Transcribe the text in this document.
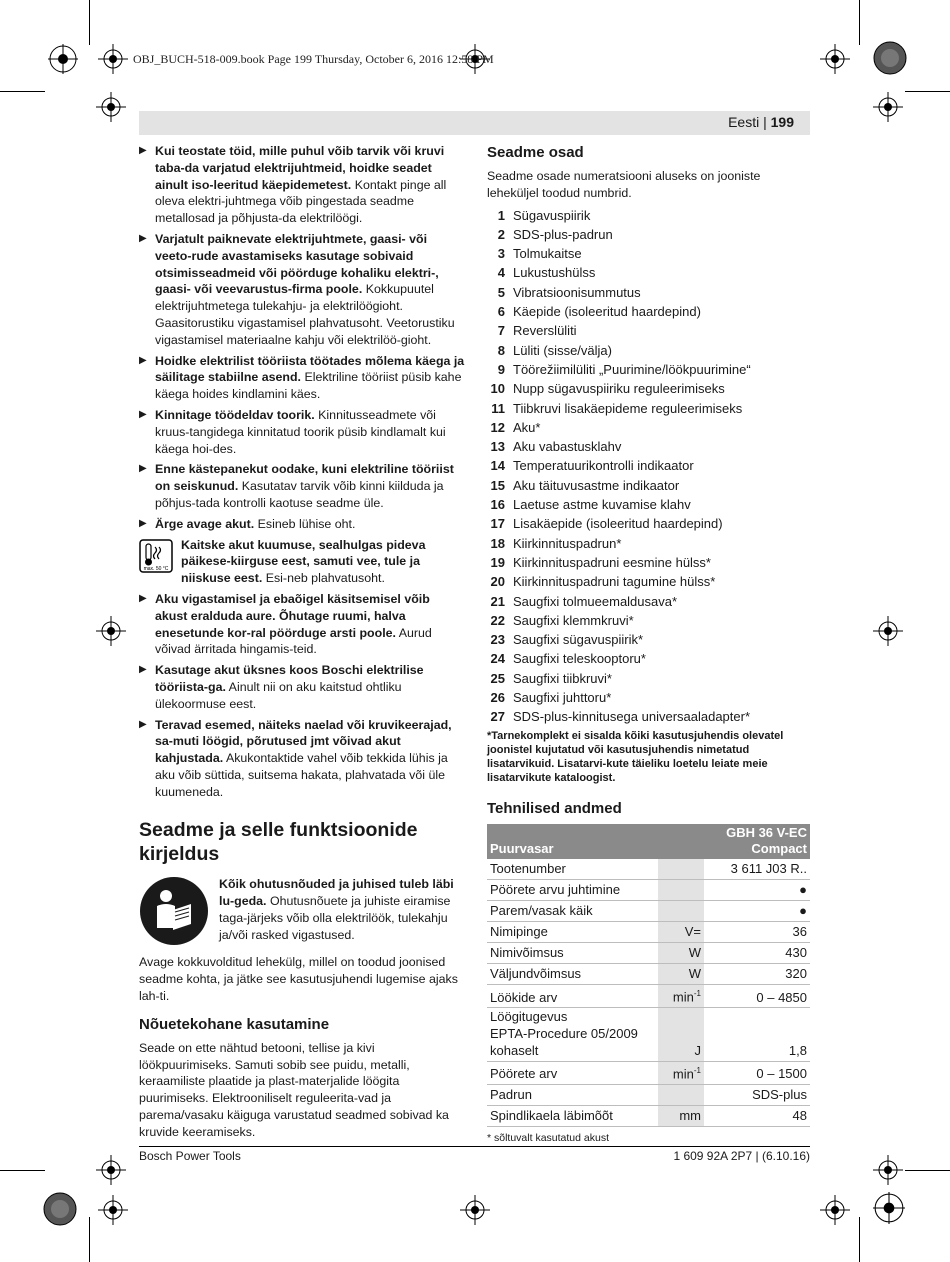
OBJ_BUCH-518-009.book Page 199 Thursday, October 6, 2016 12:58 PM
Eesti | 199
▶ Kui teostate töid, mille puhul võib tarvik või kruvi taba-da varjatud elektrijuhtmeid, hoidke seadet ainult iso-leeritud käepidemetest. Kontakt pinge all oleva elektri-juhtmega võib pingestada seadme metallosad ja põhjusta-da elektrilöögi.
▶ Varjatult paiknevate elektrijuhtmete, gaasi- või veeto-rude avastamiseks kasutage sobivaid otsimisseadmeid või pöörduge kohaliku elektri-, gaasi- või veevarustus-firma poole. Kokkupuutel elektrijuhtmetega tulekahju- ja elektrilöögioht. Gaasitorustiku vigastamisel plahvatusoht. Veetorustiku vigastamisel materiaalne kahju või elektrilöö-gioht.
▶ Hoidke elektrilist tööriista töötades mõlema käega ja säilitage stabiilne asend. Elektriline tööriist püsib kahe käega hoides kindlamini käes.
▶ Kinnitage töödeldav toorik. Kinnitusseadmete või kruus-tangidega kinnitatud toorik püsib kindlamalt kui käega hoi-des.
▶ Enne kästepanekut oodake, kuni elektriline tööriist on seiskunud. Kasutatav tarvik võib kinni kiilduda ja põhjus-tada kontrolli kaotuse seadme üle.
▶ Ärge avage akut. Esineb lühise oht.
max. 50 °C
Kaitske akut kuumuse, sealhulgas pideva päikese-kiirguse eest, samuti vee, tule ja niiskuse eest. Esi-neb plahvatusoht.
▶ Aku vigastamisel ja ebaõigel käsitsemisel võib akust eralduda aure. Õhutage ruumi, halva enesetunde kor-ral pöörduge arsti poole. Aurud võivad ärritada hingamis-teid.
▶ Kasutage akut üksnes koos Boschi elektrilise tööriista-ga. Ainult nii on aku kaitstud ohtliku ülekoormuse eest.
▶ Teravad esemed, näiteks naelad või kruvikeerajad, sa-muti löögid, põrutused jmt võivad akut kahjustada. Akukontaktide vahel võib tekkida lühis ja aku võib süttida, suitsema hakata, plahvatada või üle kuumeneda.
Seadme ja selle funktsioonide kirjeldus
Kõik ohutusnõuded ja juhised tuleb läbi lu-geda. Ohutusnõuete ja juhiste eiramise taga-järjeks võib olla elektrilöök, tulekahju ja/või rasked vigastused.

Avage kokkuvolditud lehekülg, millel on toodud joonised seadme kohta, ja jätke see kasutusjuhendi lugemise ajaks lah-ti.

Nõuetekohane kasutamine

Seade on ette nähtud betooni, tellise ja kivi löökpuurimiseks. Samuti sobib see puidu, metalli, keraamiliste plaatide ja plast-materjalide löögita puurimiseks. Elektrooniliselt reguleerita-vad ja parema/vasaku käiguga varustatud seadmed sobivad ka kruvide keeramiseks.

Seadme osad

Seadme osade numeratsiooni aluseks on jooniste leheküljel toodud numbrid.

1 Sügavuspiirik
2 SDS-plus-padrun
3 Tolmukaitse
4 Lukustushülss
5 Vibratsioonisummutus
6 Käepide (isoleeritud haardepind)
7 Reverslüliti
8 Lüliti (sisse/välja)
9 Töörežiimilüliti „Puurimine/löökpuurimine“
10 Nupp sügavuspiiriku reguleerimiseks
11 Tiibkruvi lisakäepideme reguleerimiseks
12 Aku*
13 Aku vabastusklahv
14 Temperatuurikontrolli indikaator
15 Aku täituvusastme indikaator
16 Laetuse astme kuvamise klahv
17 Lisakäepide (isoleeritud haardepind)
18 Kiirkinnituspadrun*
19 Kiirkinnituspadruni eesmine hülss*
20 Kiirkinnituspadruni tagumine hülss*
21 Saugfixi tolmueemaldusava*
22 Saugfixi klemmkruvi*
23 Saugfixi sügavuspiirik*
24 Saugfixi teleskooptoru*
25 Saugfixi tiibkruvi*
26 Saugfixi juhttoru*
27 SDS-plus-kinnitusega universaaladapter*
*Tarnekomplekt ei sisalda kõiki kasutusjuhendis olevatel joonistel kujutatud või kasutusjuhendis nimetatud lisatarvikuid. Lisatarvi-kute täieliku loetelu leiate meie lisatarvikute kataloogist.
Tehnilised andmed
Puurvasar		GBH 36 V-EC Compact
Tootenumber		3 611 J03 R..
Pöörete arvu juhtimine		●
Parem/vasak käik		●
Nimipinge	V=	36
Nimivõimsus	W	430
Väljundvõimsus	W	320
Löökide arv	$\min^{-1}$	0 – 4850
Löögitugevus
EPTA-Procedure 05/2009
kohaselt	J	1,8
Pöörete arv	$\min^{-1}$	0 – 1500
Padrun		SDS-plus
Spindlikaela läbimõõt	mm	48
* sõltuvalt kasutatud akust
Bosch Power Tools	1 609 92A 2P7 | (6.10.16)
